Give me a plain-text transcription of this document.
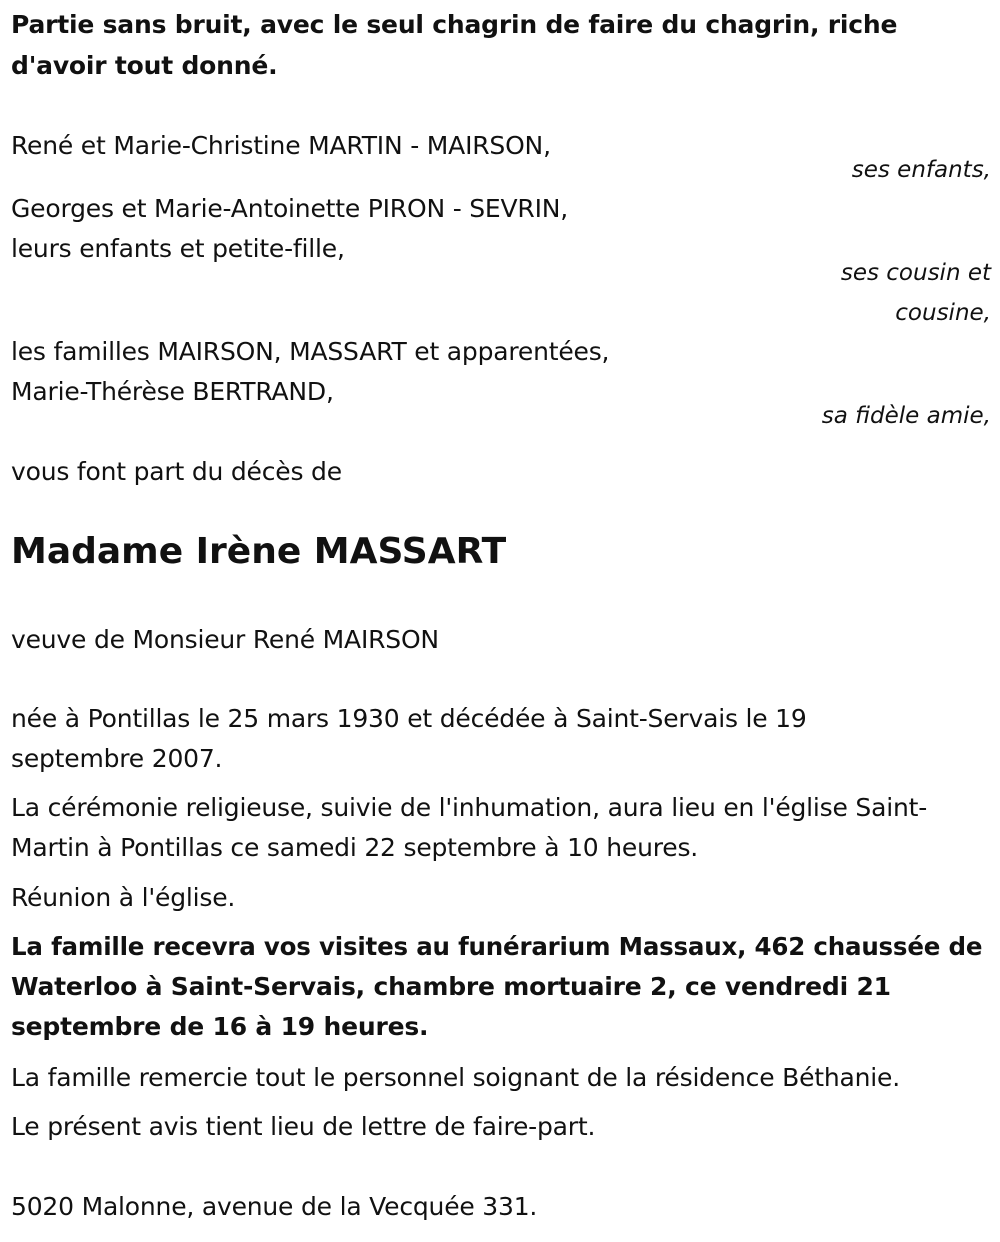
Partie sans bruit, avec le seul chagrin de faire du chagrin, riche
d'avoir tout donné.
René et Marie-Christine MARTIN - MAIRSON,
ses enfants,
Georges et Marie-Antoinette PIRON - SEVRIN,
leurs enfants et petite-fille,
ses cousin et
cousine,
les familles MAIRSON, MASSART et apparentées,
Marie-Thérèse BERTRAND,
sa fidèle amie,
vous font part du décès de
Madame Irène MASSART
veuve de Monsieur René MAIRSON
née à Pontillas le 25 mars 1930 et décédée à Saint-Servais le 19
septembre 2007.
La cérémonie religieuse, suivie de l'inhumation, aura lieu en l'église Saint-
Martin à Pontillas ce samedi 22 septembre à 10 heures.
Réunion à l'église.
La famille recevra vos visites au funérarium Massaux, 462 chaussée de
Waterloo à Saint-Servais, chambre mortuaire 2, ce vendredi 21
septembre de 16 à 19 heures.
La famille remercie tout le personnel soignant de la résidence Béthanie.
Le présent avis tient lieu de lettre de faire-part.
5020 Malonne, avenue de la Vecquée 331.
